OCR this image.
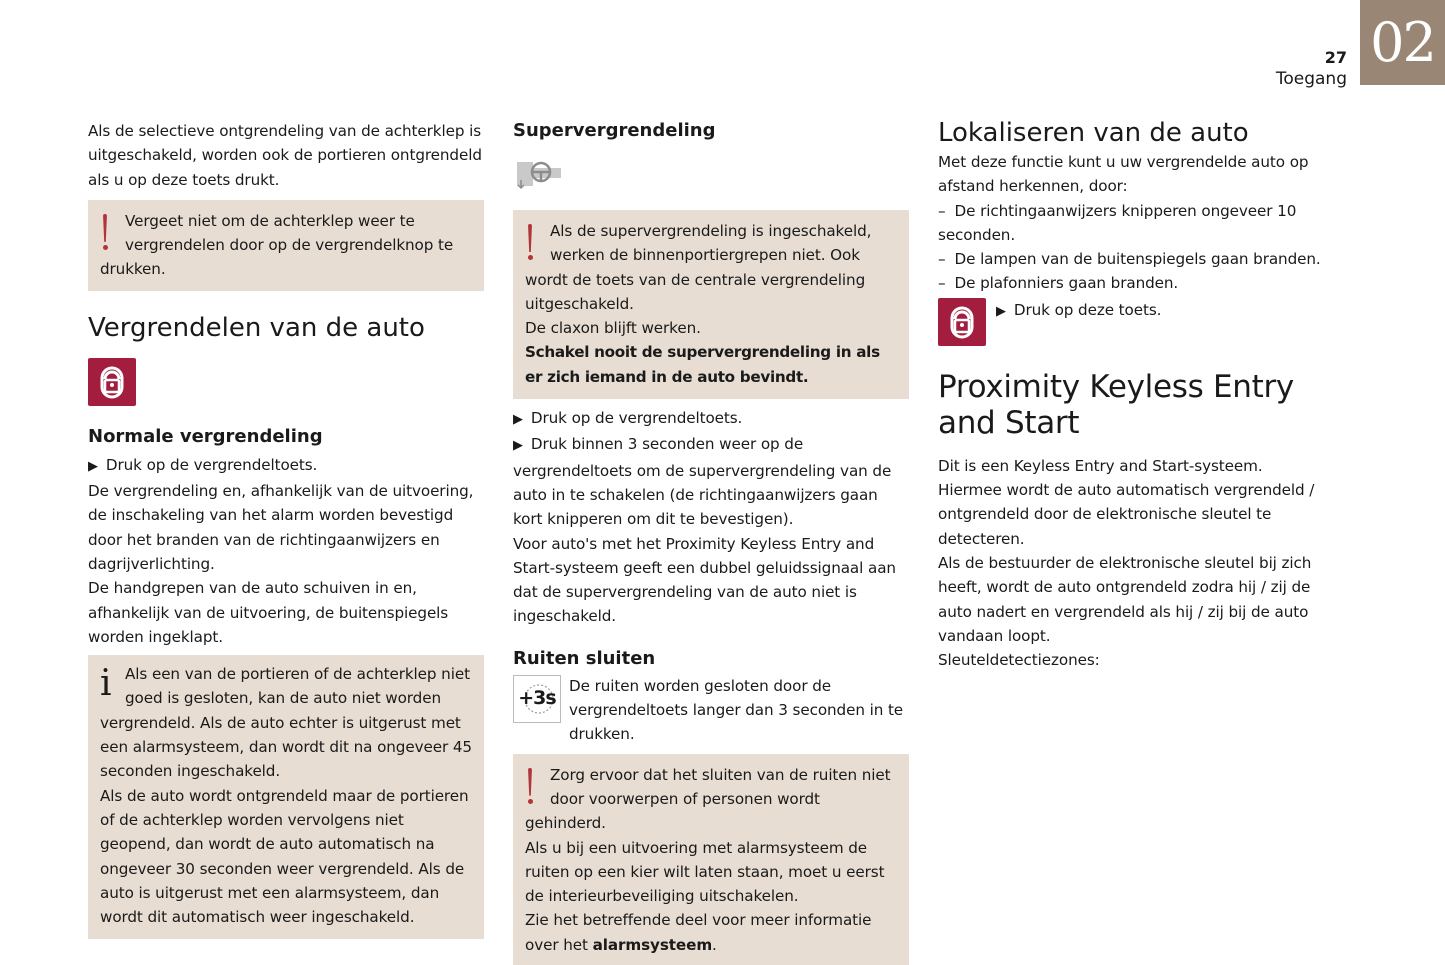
27
Toegang
02

Als de selectieve ontgrendeling van de achterklep is uitgeschakeld, worden ook de portieren ontgrendeld als u op deze toets drukt.

Vergeet niet om de achterklep weer te vergrendelen door op de vergrendelknop te drukken.

Vergrendelen van de auto
Normale vergrendeling

▶ Druk op de vergrendeltoets.

De vergrendeling en, afhankelijk van de uitvoering, de inschakeling van het alarm worden bevestigd door het branden van de richtingaanwijzers en dagrijverlichting.

De handgrepen van de auto schuiven in en, afhankelijk van de uitvoering, de buitenspiegels worden ingeklapt.

i Als een van de portieren of de achterklep niet goed is gesloten, kan de auto niet worden vergrendeld. Als de auto echter is uitgerust met een alarmsysteem, dan wordt dit na ongeveer 45 seconden ingeschakeld.

Als de auto wordt ontgrendeld maar de portieren of de achterklep worden vervolgens niet geopend, dan wordt de auto automatisch na ongeveer 30 seconden weer vergrendeld. Als de auto is uitgerust met een alarmsysteem, dan wordt dit automatisch weer ingeschakeld.

Supervergrendeling

Als de supervergrendeling is ingeschakeld, werken de binnenportiergrepen niet. Ook wordt de toets van de centrale vergrendeling uitgeschakeld.

De claxon blijft werken.

Schakel nooit de supervergrendeling in als er zich iemand in de auto bevindt.

▶ Druk op de vergrendeltoets.

▶ Druk binnen 3 seconden weer op de vergrendeltoets om de supervergrendeling van de auto in te schakelen (de richtingaanwijzers gaan kort knipperen om dit te bevestigen).

Voor auto's met het Proximity Keyless Entry and Start-systeem geeft een dubbel geluidssignaal aan dat de supervergrendeling van de auto niet is ingeschakeld.

Ruiten sluiten
+3s

De ruiten worden gesloten door de vergrendeltoets langer dan 3 seconden in te drukken.

Zorg ervoor dat het sluiten van de ruiten niet door voorwerpen of personen wordt gehinderd.

Als u bij een uitvoering met alarmsysteem de ruiten op een kier wilt laten staan, moet u eerst de interieurbeveiliging uitschakelen.

Zie het betreffende deel voor meer informatie over het alarmsysteem.

Lokaliseren van de auto

Met deze functie kunt u uw vergrendelde auto op afstand herkennen, door:

– De richtingaanwijzers knipperen ongeveer 10 seconden.

– De lampen van de buitenspiegels gaan branden.

– De plafonniers gaan branden.

▶ Druk op deze toets.

Proximity Keyless Entry and Start

Dit is een Keyless Entry and Start-systeem.

Hiermee wordt de auto automatisch vergrendeld / ontgrendeld door de elektronische sleutel te detecteren.

Als de bestuurder de elektronische sleutel bij zich heeft, wordt de auto ontgrendeld zodra hij / zij de auto nadert en vergrendeld als hij / zij bij de auto vandaan loopt.

Sleuteldetectiezones:
